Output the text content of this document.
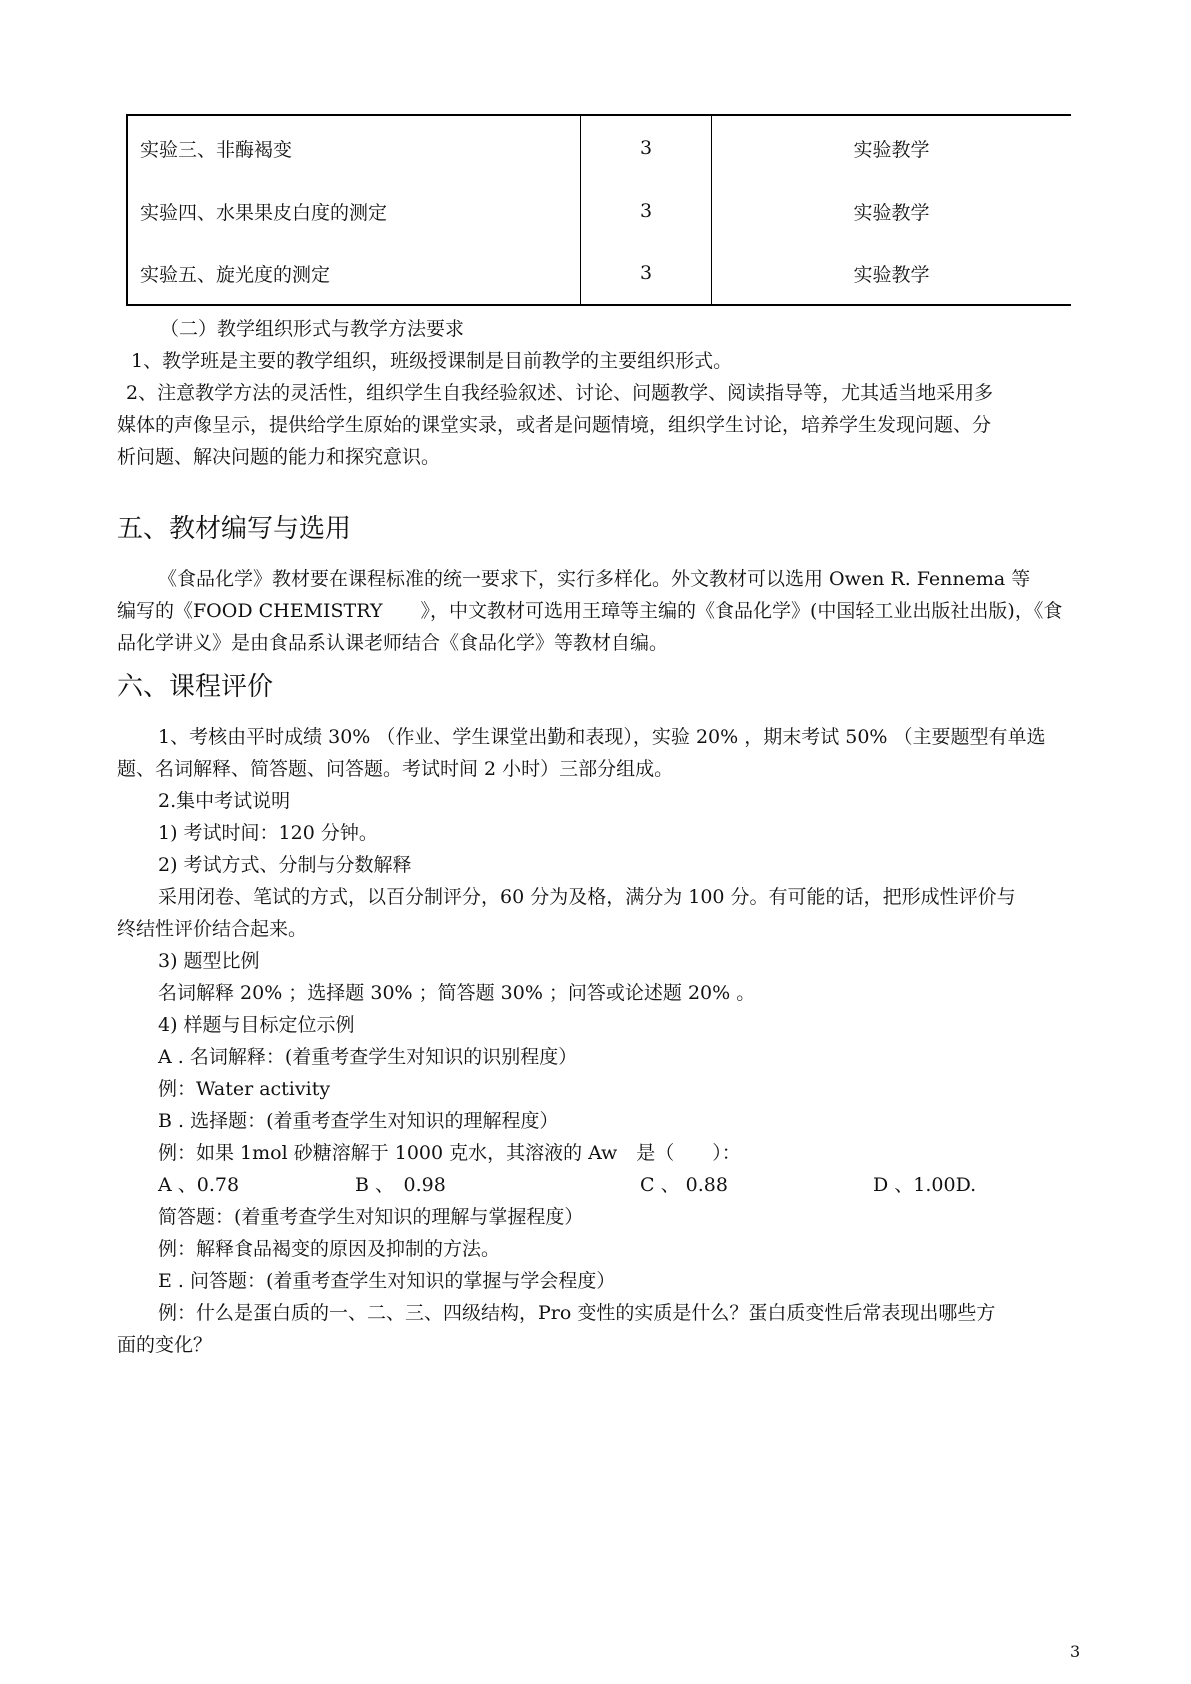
实验三、非酶褐变	3	实验教学
实验四、水果果皮白度的测定	3	实验教学
实验五、旋光度的测定	3	实验教学
（二）教学组织形式与教学方法要求
1、教学班是主要的教学组织，班级授课制是目前教学的主要组织形式。
2、注意教学方法的灵活性，组织学生自我经验叙述、讨论、问题教学、阅读指导等，尤其适当地采用多
媒体的声像呈示，提供给学生原始的课堂实录，或者是问题情境，组织学生讨论，培养学生发现问题、分
析问题、解决问题的能力和探究意识。
五、教材编写与选用
《食品化学》教材要在课程标准的统一要求下，实行多样化。外文教材可以选用 Owen R. Fennema 等
编写的《FOOD CHEMISTRY　　》，中文教材可选用王璋等主编的《食品化学》(中国轻工业出版社出版)，《食
品化学讲义》是由食品系认课老师结合《食品化学》等教材自编。
六、课程评价
1、考核由平时成绩 30% （作业、学生课堂出勤和表现），实验 20% ，期末考试 50% （主要题型有单选
题、名词解释、简答题、问答题。考试时间 2 小时）三部分组成。
2.集中考试说明
1) 考试时间：120 分钟。
2) 考试方式、分制与分数解释
采用闭卷、笔试的方式，以百分制评分，60 分为及格，满分为 100 分。有可能的话，把形成性评价与
终结性评价结合起来。
3) 题型比例
名词解释 20% ；选择题 30% ；简答题 30% ；问答或论述题 20% 。
4) 样题与目标定位示例
A . 名词解释：(着重考查学生对知识的识别程度）
例：Water activity
B . 选择题：(着重考查学生对知识的理解程度）
例：如果 1mol 砂糖溶解于 1000 克水，其溶液的 Aw　是（　　）：
A 、0.78	B 、　0.98	C 、 0.88	D 、1.00D.
简答题：(着重考查学生对知识的理解与掌握程度）
例：解释食品褐变的原因及抑制的方法。
E . 问答题：(着重考查学生对知识的掌握与学会程度）
例：什么是蛋白质的一、二、三、四级结构，Pro 变性的实质是什么？蛋白质变性后常表现出哪些方
面的变化？
3
